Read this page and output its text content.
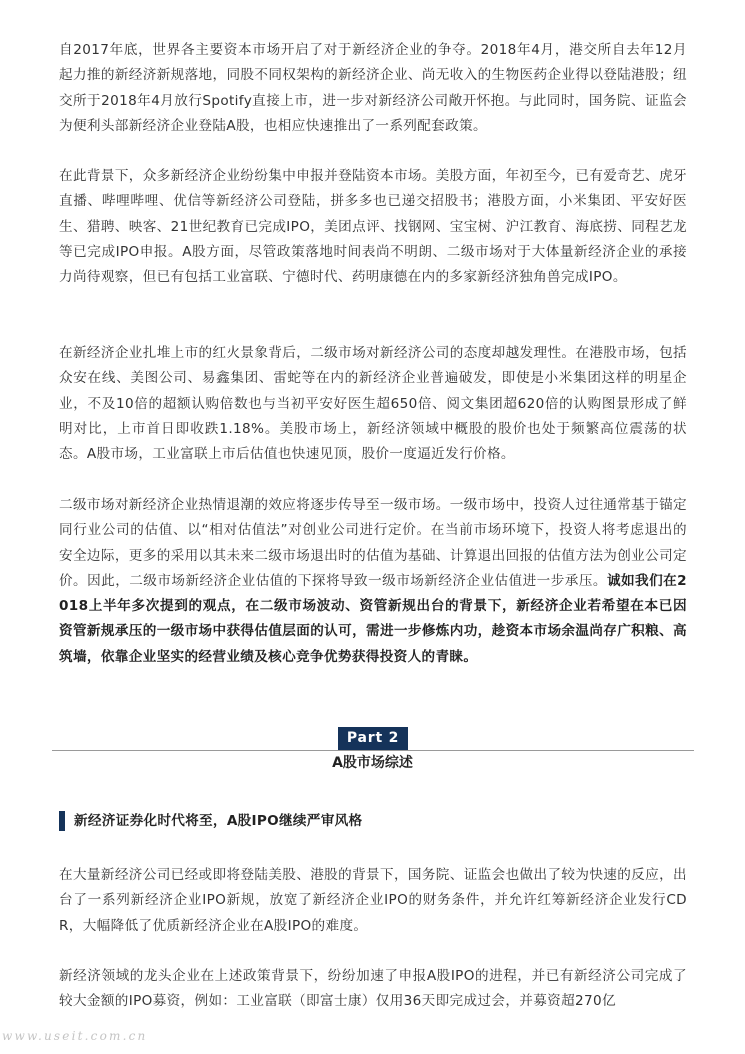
自2017年底，世界各主要资本市场开启了对于新经济企业的争夺。2018年4月，港交所自去年12月起力推的新经济新规落地，同股不同权架构的新经济企业、尚无收入的生物医药企业得以登陆港股；纽交所于2018年4月放行Spotify直接上市，进一步对新经济公司敞开怀抱。与此同时，国务院、证监会为便利头部新经济企业登陆A股，也相应快速推出了一系列配套政策。

在此背景下，众多新经济企业纷纷集中申报并登陆资本市场。美股方面，年初至今，已有爱奇艺、虎牙直播、哔哩哔哩、优信等新经济公司登陆，拼多多也已递交招股书；港股方面，小米集团、平安好医生、猎聘、映客、21世纪教育已完成IPO，美团点评、找钢网、宝宝树、沪江教育、海底捞、同程艺龙等已完成IPO申报。A股方面，尽管政策落地时间表尚不明朗、二级市场对于大体量新经济企业的承接力尚待观察，但已有包括工业富联、宁德时代、药明康德在内的多家新经济独角兽完成IPO。

在新经济企业扎堆上市的红火景象背后，二级市场对新经济公司的态度却越发理性。在港股市场，包括众安在线、美图公司、易鑫集团、雷蛇等在内的新经济企业普遍破发，即使是小米集团这样的明星企业，不及10倍的超额认购倍数也与当初平安好医生超650倍、阅文集团超620倍的认购图景形成了鲜明对比，上市首日即收跌1.18%。美股市场上，新经济领域中概股的股价也处于频繁高位震荡的状态。A股市场，工业富联上市后估值也快速见顶，股价一度逼近发行价格。

二级市场对新经济企业热情退潮的效应将逐步传导至一级市场。一级市场中，投资人过往通常基于锚定同行业公司的估值、以“相对估值法”对创业公司进行定价。在当前市场环境下，投资人将考虑退出的安全边际，更多的采用以其未来二级市场退出时的估值为基础、计算退出回报的估值方法为创业公司定价。因此，二级市场新经济企业估值的下探将导致一级市场新经济企业估值进一步承压。诚如我们在2018上半年多次提到的观点，在二级市场波动、资管新规出台的背景下，新经济企业若希望在本已因资管新规承压的一级市场中获得估值层面的认可，需进一步修炼内功，趁资本市场余温尚存广积粮、高筑墙，依靠企业坚实的经营业绩及核心竞争优势获得投资人的青睐。

Part 2
A股市场综述
新经济证券化时代将至，A股IPO继续严审风格

在大量新经济公司已经或即将登陆美股、港股的背景下，国务院、证监会也做出了较为快速的反应，出台了一系列新经济企业IPO新规，放宽了新经济企业IPO的财务条件，并允许红筹新经济企业发行CDR，大幅降低了优质新经济企业在A股IPO的难度。

新经济领域的龙头企业在上述政策背景下，纷纷加速了申报A股IPO的进程，并已有新经济公司完成了较大金额的IPO募资，例如：工业富联（即富士康）仅用36天即完成过会，并募资超270亿

www.useit.com.cn
